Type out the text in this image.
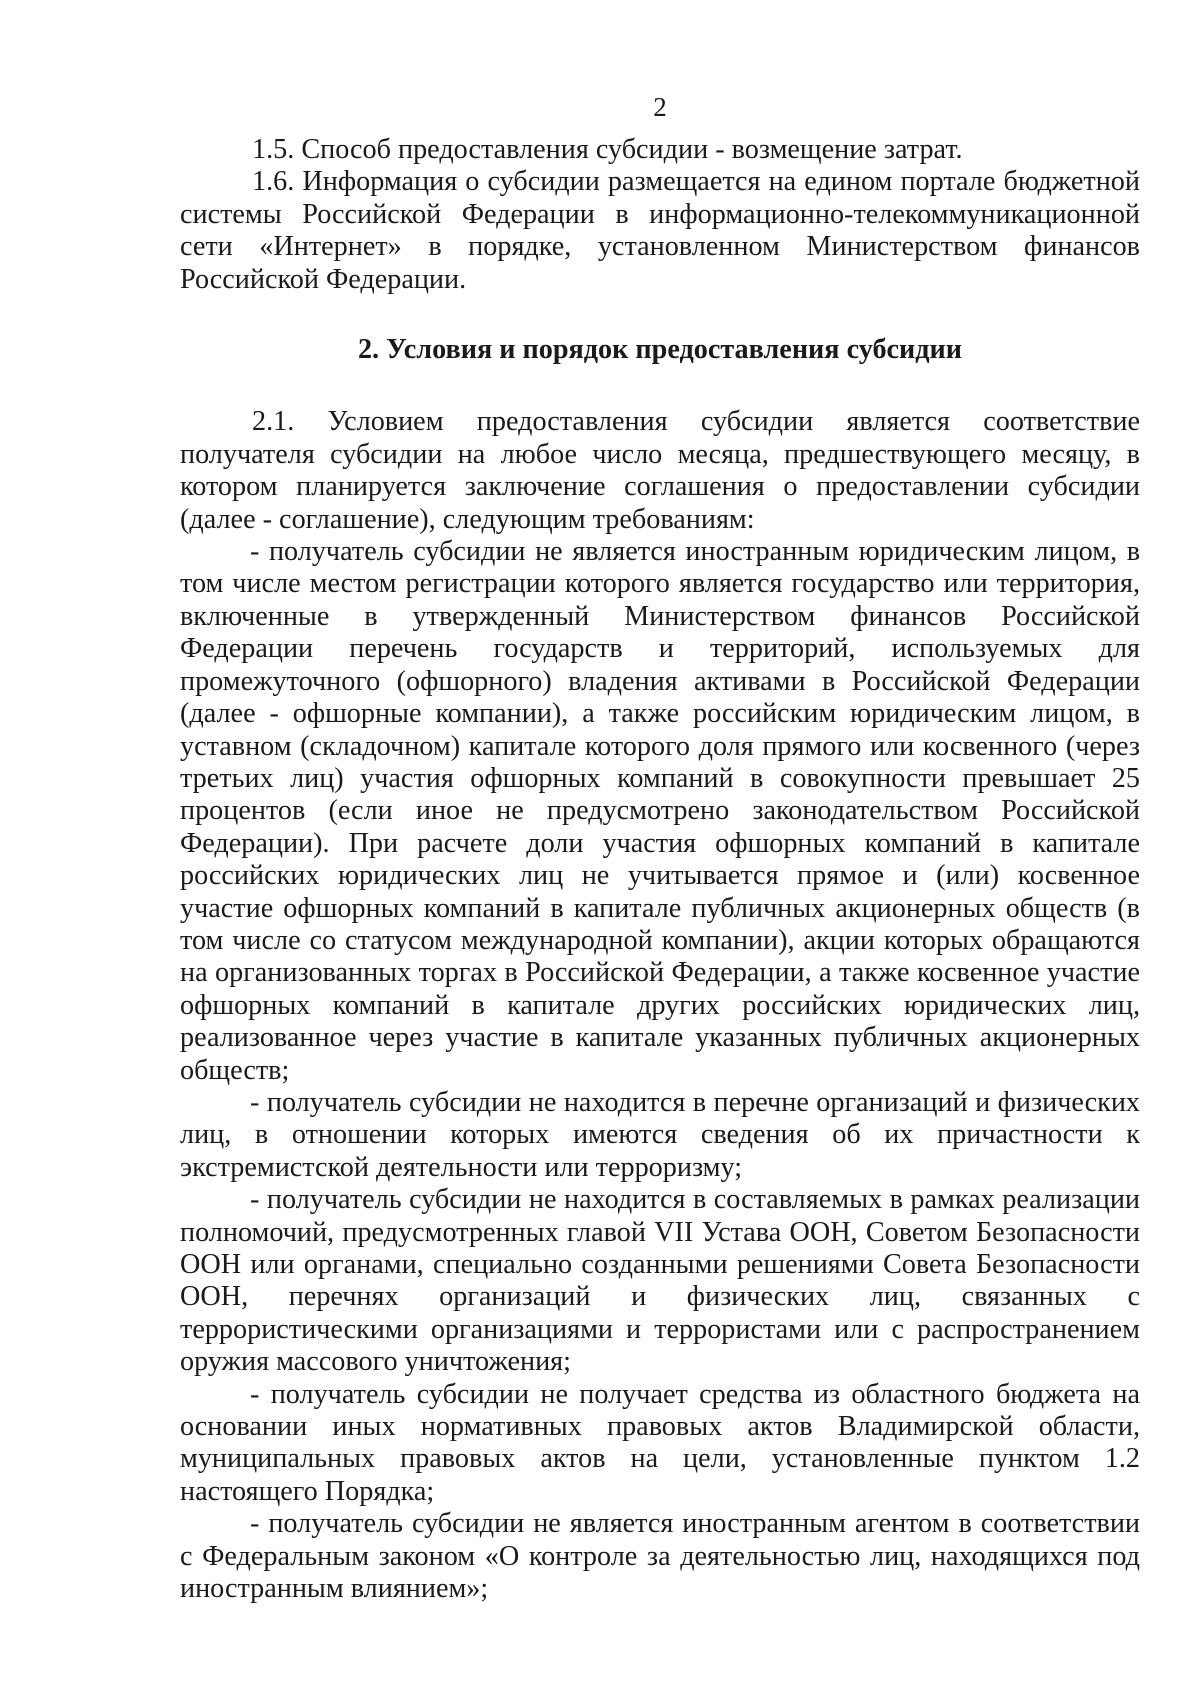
2

1.5. Способ предоставления субсидии - возмещение затрат.

1.6. Информация о субсидии размещается на едином портале бюджетной системы Российской Федерации в информационно-телекоммуникационной сети «Интернет» в порядке, установленном Министерством финансов Российской Федерации.

2. Условия и порядок предоставления субсидии

2.1. Условием предоставления субсидии является соответствие получателя субсидии на любое число месяца, предшествующего месяцу, в котором планируется заключение соглашения о предоставлении субсидии (далее - соглашение), следующим требованиям:

- получатель субсидии не является иностранным юридическим лицом, в том числе местом регистрации которого является государство или территория, включенные в утвержденный Министерством финансов Российской Федерации перечень государств и территорий, используемых для промежуточного (офшорного) владения активами в Российской Федерации (далее - офшорные компании), а также российским юридическим лицом, в уставном (складочном) капитале которого доля прямого или косвенного (через третьих лиц) участия офшорных компаний в совокупности превышает 25 процентов (если иное не предусмотрено законодательством Российской Федерации). При расчете доли участия офшорных компаний в капитале российских юридических лиц не учитывается прямое и (или) косвенное участие офшорных компаний в капитале публичных акционерных обществ (в том числе со статусом международной компании), акции которых обращаются на организованных торгах в Российской Федерации, а также косвенное участие офшорных компаний в капитале других российских юридических лиц, реализованное через участие в капитале указанных публичных акционерных обществ;

- получатель субсидии не находится в перечне организаций и физических лиц, в отношении которых имеются сведения об их причастности к экстремистской деятельности или терроризму;

- получатель субсидии не находится в составляемых в рамках реализации полномочий, предусмотренных главой VII Устава ООН, Советом Безопасности ООН или органами, специально созданными решениями Совета Безопасности ООН, перечнях организаций и физических лиц, связанных с террористическими организациями и террористами или с распространением оружия массового уничтожения;

- получатель субсидии не получает средства из областного бюджета на основании иных нормативных правовых актов Владимирской области, муниципальных правовых актов на цели, установленные пунктом 1.2 настоящего Порядка;

- получатель субсидии не является иностранным агентом в соответствии с Федеральным законом «О контроле за деятельностью лиц, находящихся под иностранным влиянием»;
